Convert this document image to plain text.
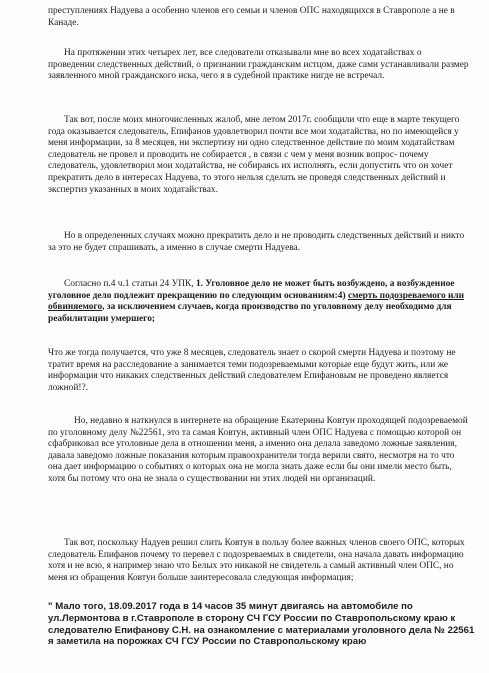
преступлениях Надуева а особенно членов его семьи и членов ОПС находящихся в Ставрополе а не в Канаде.

На протяжении этих четырех лет, все следователи отказывали мне во всех ходатайствах о проведении следственных действий, о признании гражданским истцом, даже сами устанавливали размер заявленного мной гражданского иска, чего я в судебной практике нигде не встречал.

Так вот, после моих многочисленных жалоб, мне летом 2017г. сообщили что еще в марте текущего года оказывается следователь, Епифанов удовлетворил почти все мои ходатайства, но по имеющейся у меня информации, за 8 месяцев, ни экспертизу ни одно следственное действие по моим ходатайствам следователь не провел и проводить не собирается , в связи с чем у меня возник вопрос- почему следователь, удовлетворил мои ходатайства, не собираясь их исполнять, если допустить что он хочет прекратить дело в интересах Надуева, то этого нельзя сделать не проведя следственных действий и экспертиз указанных в моих ходатайствах.

Но в определенных случаях можно прекратить дело и не проводить следственных действий и никто за это не будет спрашивать, а именно в случае смерти Надуева.

Согласно п.4 ч.1 статьи 24 УПК, 1. Уголовное дело не может быть возбуждено, а возбужденное уголовное дело подлежит прекращению по следующим основаниям:4) смерть подозреваемого или обвиняемого, за исключением случаев, когда производство по уголовному делу необходимо для реабилитации умершего;

Что же тогда получается, что уже 8 месяцев, следователь знает о скорой смерти Надуева и поэтому не тратит время на расследование а занимается теми подозреваемыми которые еще будут жить, или же информация что никаких следственных действий следователем Епифановым не проведено является ложной!?.

Но, недавно я наткнулся в интернете на обращение Екатерины Ковтун проходящей подозреваемой по уголовному делу №22561, это та самая Ковтун, активный член ОПС Надуева с помощью которой он сфабриковал все уголовные дела в отношении меня, а именно она делала заведомо ложные заявления, давала заведомо ложные показания которым правоохранители тогда верили свято, несмотря на то что она дает информацию о событиях о которых она не могла знать даже если бы они имели место быть, хотя бы потому что она не знала о существовании ни этих людей ни организаций.

Так вот, поскольку Надуев решил слить Ковтун в пользу более важных членов своего ОПС, которых следователь Епифанов почему то перевел с подозреваемых в свидетели, она начала давать информацию хотя и не всю, я например знаю что Белых это никакой не свидетель а самый активный член ОПС, но меня из обращения Ковтун больше заинтересовала следующая информация;

" Мало того, 18.09.2017 года в 14 часов 35 минут двигаясь на автомобиле по ул.Лермонтова в г.Ставрополе в сторону СЧ ГСУ России по Ставропольскому краю к следователю Епифанову С.Н. на ознакомление с материалами уголовного дела № 22561 я заметила на порожках СЧ ГСУ России по Ставропольскому краю
